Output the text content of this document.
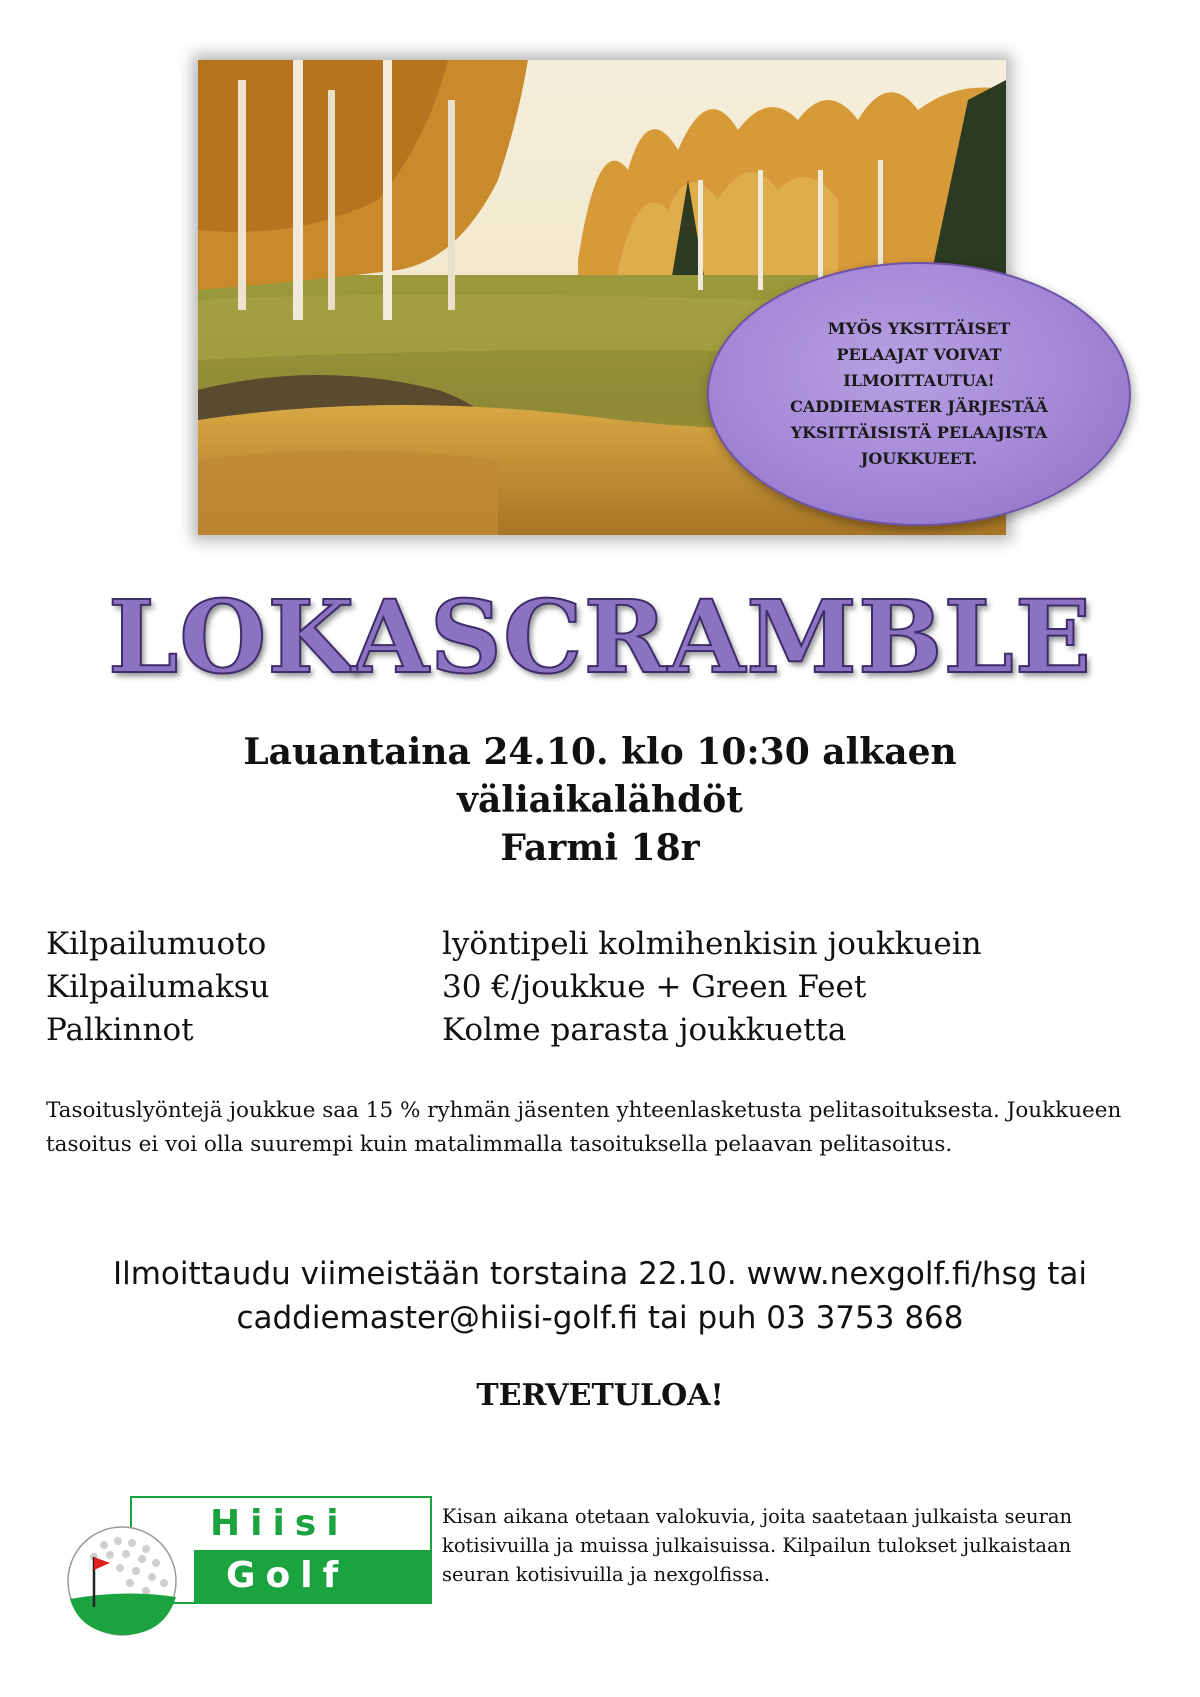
MYÖS YKSITTÄISET
PELAAJAT VOIVAT
ILMOITTAUTUA!
CADDIEMASTER JÄRJESTÄÄ
YKSITTÄISISTÄ PELAAJISTA
JOUKKUEET.
LOKASCRAMBLE
Lauantaina 24.10. klo 10:30 alkaen
väliaikalähdöt
Farmi 18r
Kilpailumuoto	lyöntipeli kolmihenkisin joukkuein
Kilpailumaksu	30 €/joukkue + Green Feet
Palkinnot	Kolme parasta joukkuetta
Tasoituslyöntejä joukkue saa 15 % ryhmän jäsenten yhteenlasketusta pelitasoituksesta. Joukkueen tasoitus ei voi olla suurempi kuin matalimmalla tasoituksella pelaavan pelitasoitus.
Ilmoittaudu viimeistään torstaina 22.10. www.nexgolf.fi/hsg tai
caddiemaster@hiisi-golf.fi tai puh 03 3753 868
TERVETULOA!
Hiisi
Golf
Kisan aikana otetaan valokuvia, joita saatetaan julkaista seuran
kotisivuilla ja muissa julkaisuissa. Kilpailun tulokset julkaistaan
seuran kotisivuilla ja nexgolfissa.
